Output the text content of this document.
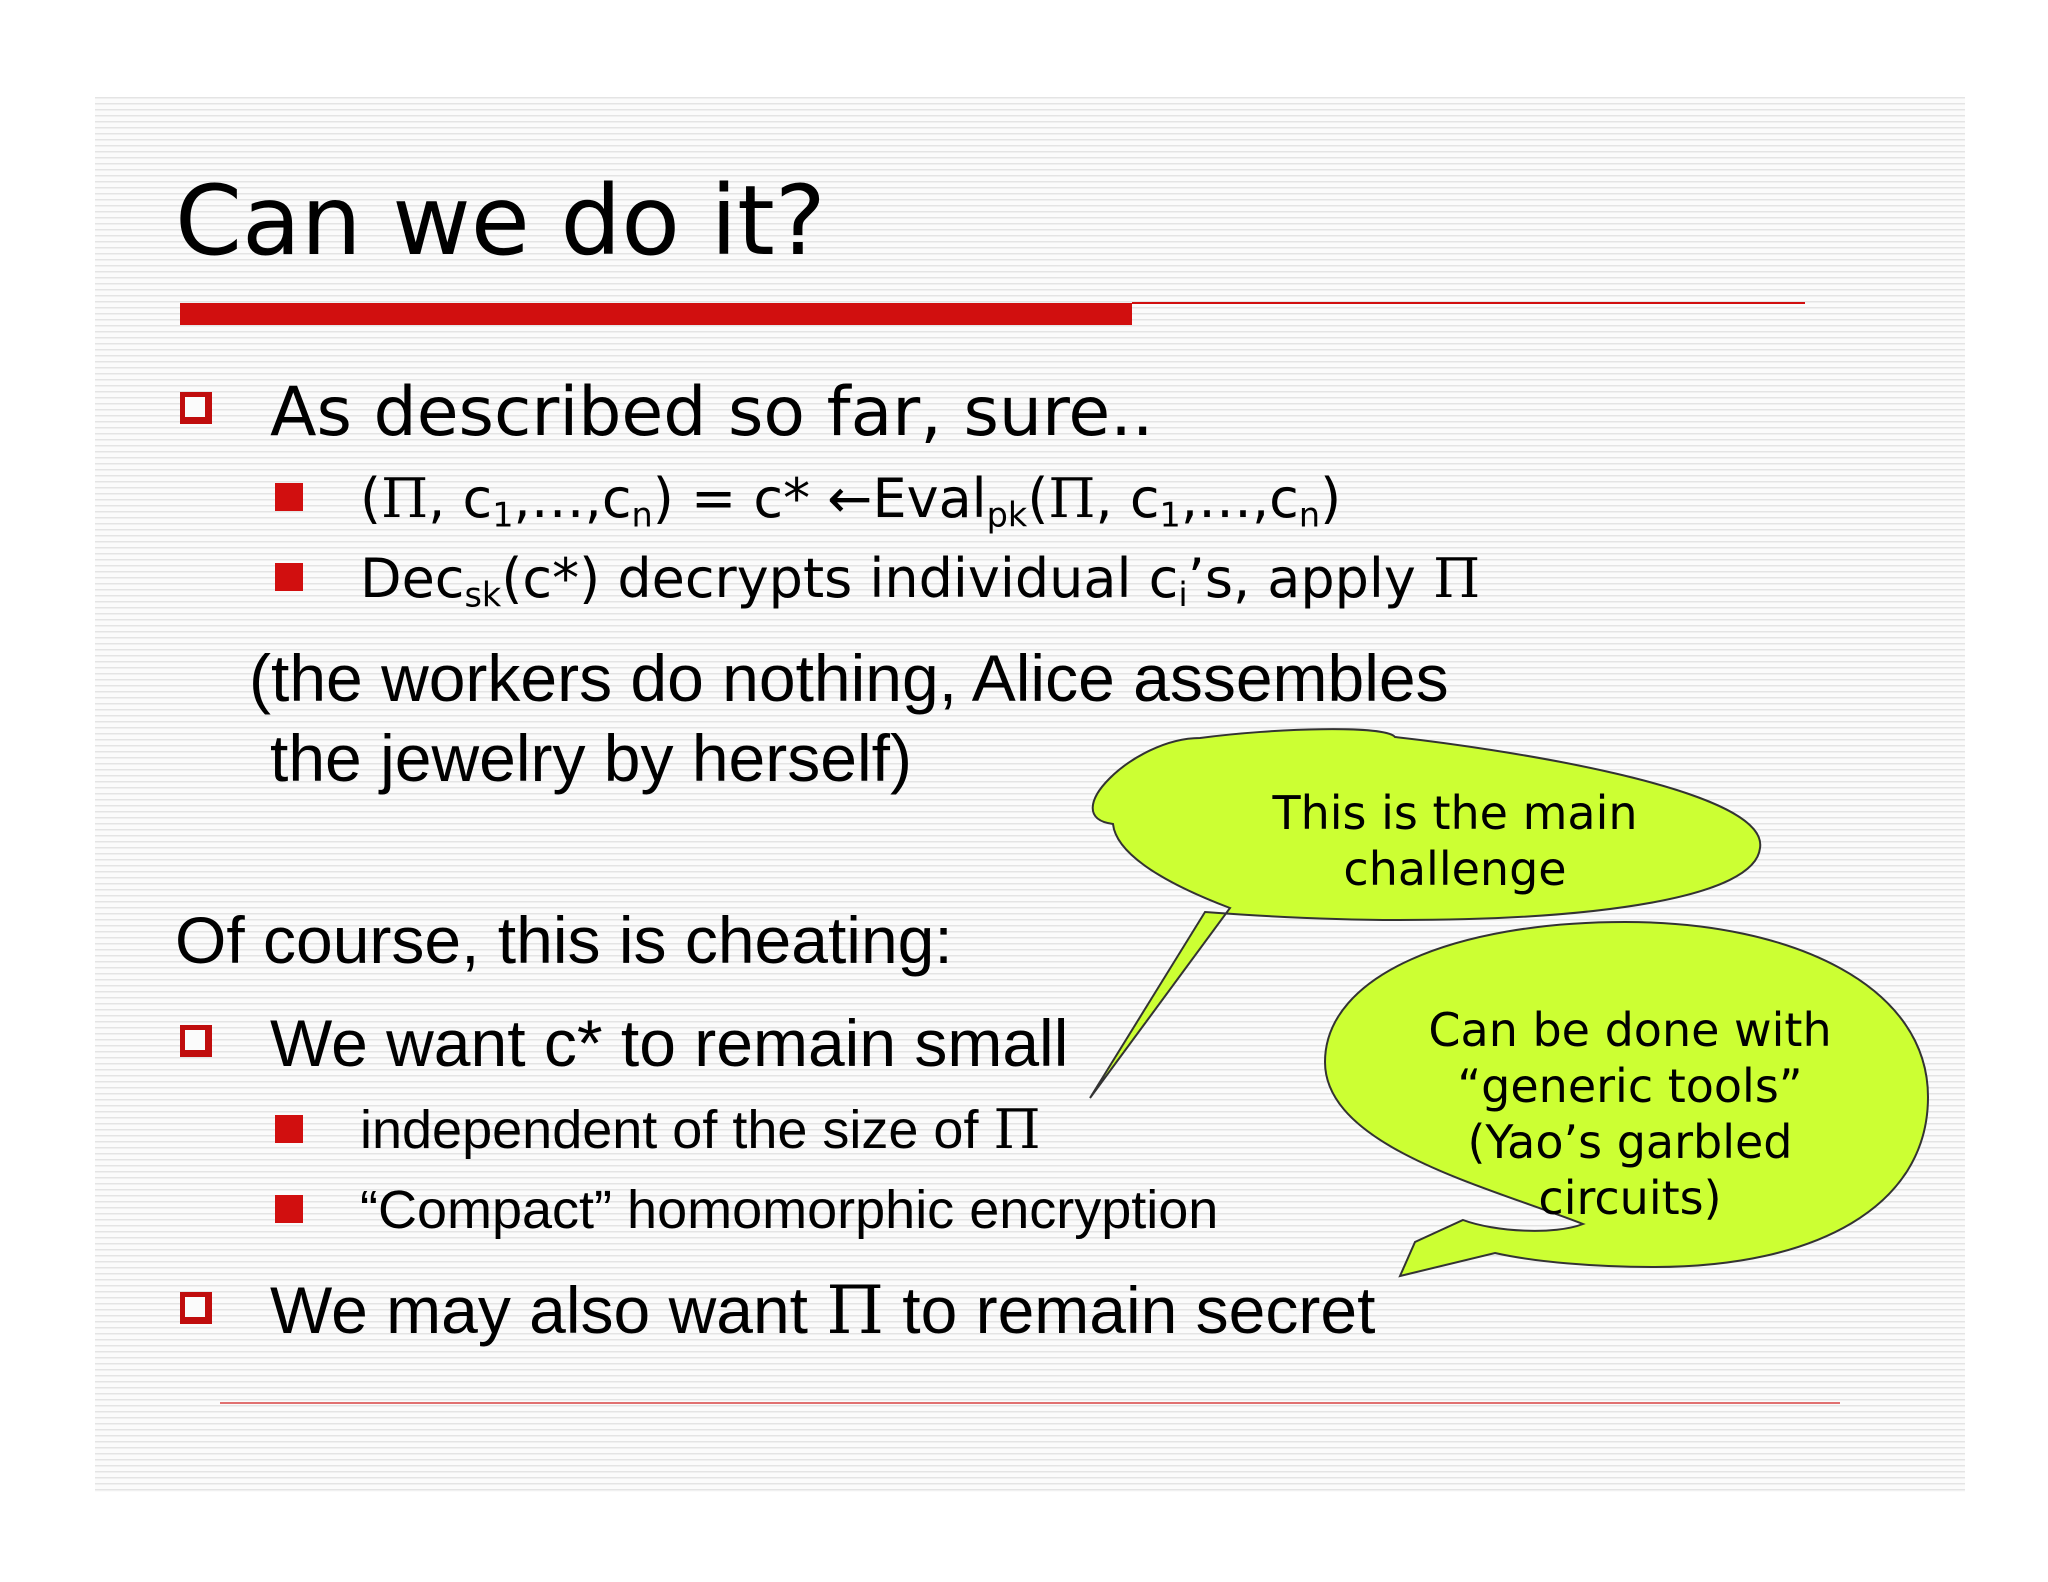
Can we do it?
As described so far, sure..
(Π, $c_1,\dots,c_n) = c*$ ←Eval$_{pk}$(Π, $c_1,\dots,c_n$)
Dec$_{sk}$(c*) decrypts individual $c_i’s$, apply Π
(the workers do nothing, Alice assembles
the jewelry by herself)
Of course, this is cheating:
We want c* to remain small
independent of the size of Π
“Compact” homomorphic encryption
We may also want Π to remain secret
This is the main
challenge
Can be done with
“generic tools”
(Yao’s garbled
circuits)
